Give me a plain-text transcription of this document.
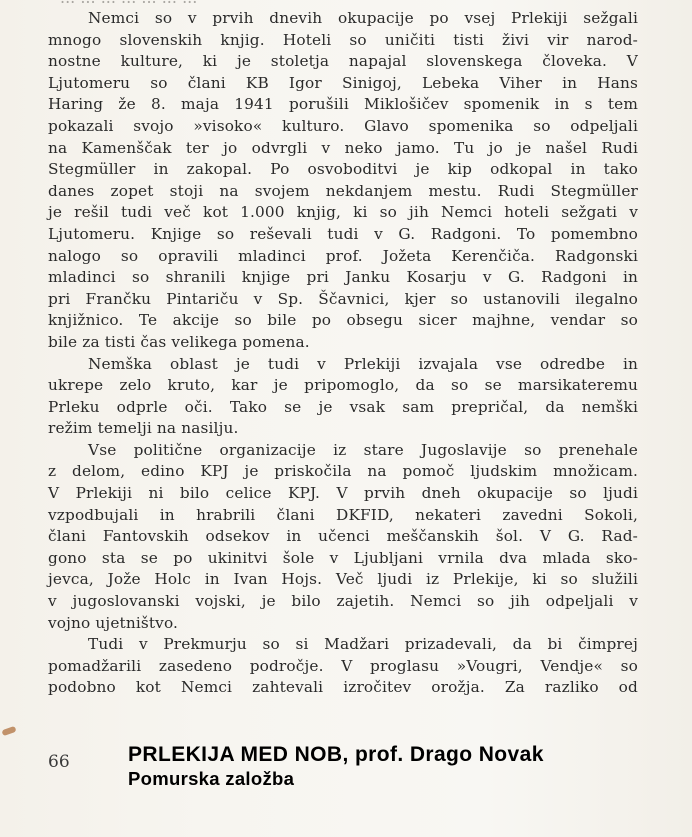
Nemci so v prvih dnevih okupacije po vsej Prlekiji sežgali
mnogo slovenskih knjig. Hoteli so uničiti tisti živi vir narod-
nostne kulture, ki je stoletja napajal slovenskega človeka. V
Ljutomeru so člani KB Igor Sinigoj, Lebeka Viher in Hans
Haring že 8. maja 1941 porušili Miklošičev spomenik in s tem
pokazali svojo »visoko« kulturo. Glavo spomenika so odpeljali
na Kamenščak ter jo odvrgli v neko jamo. Tu jo je našel Rudi
Stegmüller in zakopal. Po osvoboditvi je kip odkopal in tako
danes zopet stoji na svojem nekdanjem mestu. Rudi Stegmüller
je rešil tudi več kot 1.000 knjig, ki so jih Nemci hoteli sežgati v
Ljutomeru. Knjige so reševali tudi v G. Radgoni. To pomembno
nalogo so opravili mladinci prof. Jožeta Kerenčiča. Radgonski
mladinci so shranili knjige pri Janku Kosarju v G. Radgoni in
pri Frančku Pintariču v Sp. Ščavnici, kjer so ustanovili ilegalno
knjižnico. Te akcije so bile po obsegu sicer majhne, vendar so
bile za tisti čas velikega pomena.
Nemška oblast je tudi v Prlekiji izvajala vse odredbe in
ukrepe zelo kruto, kar je pripomoglo, da so se marsikateremu
Prleku odprle oči. Tako se je vsak sam prepričal, da nemški
režim temelji na nasilju.
Vse politične organizacije iz stare Jugoslavije so prenehale
z delom, edino KPJ je priskočila na pomoč ljudskim množicam.
V Prlekiji ni bilo celice KPJ. V prvih dneh okupacije so ljudi
vzpodbujali in hrabrili člani DKFID, nekateri zavedni Sokoli,
člani Fantovskih odsekov in učenci meščanskih šol. V G. Rad-
gono sta se po ukinitvi šole v Ljubljani vrnila dva mlada sko-
jevca, Jože Holc in Ivan Hojs. Več ljudi iz Prlekije, ki so služili
v jugoslovanski vojski, je bilo zajetih. Nemci so jih odpeljali v
vojno ujetništvo.
Tudi v Prekmurju so si Madžari prizadevali, da bi čimprej
pomadžarili zasedeno področje. V proglasu »Vougri, Vendje« so
podobno kot Nemci zahtevali izročitev orožja. Za razliko od
66	PRLEKIJA MED NOB, prof. Drago Novak
Pomurska založba
